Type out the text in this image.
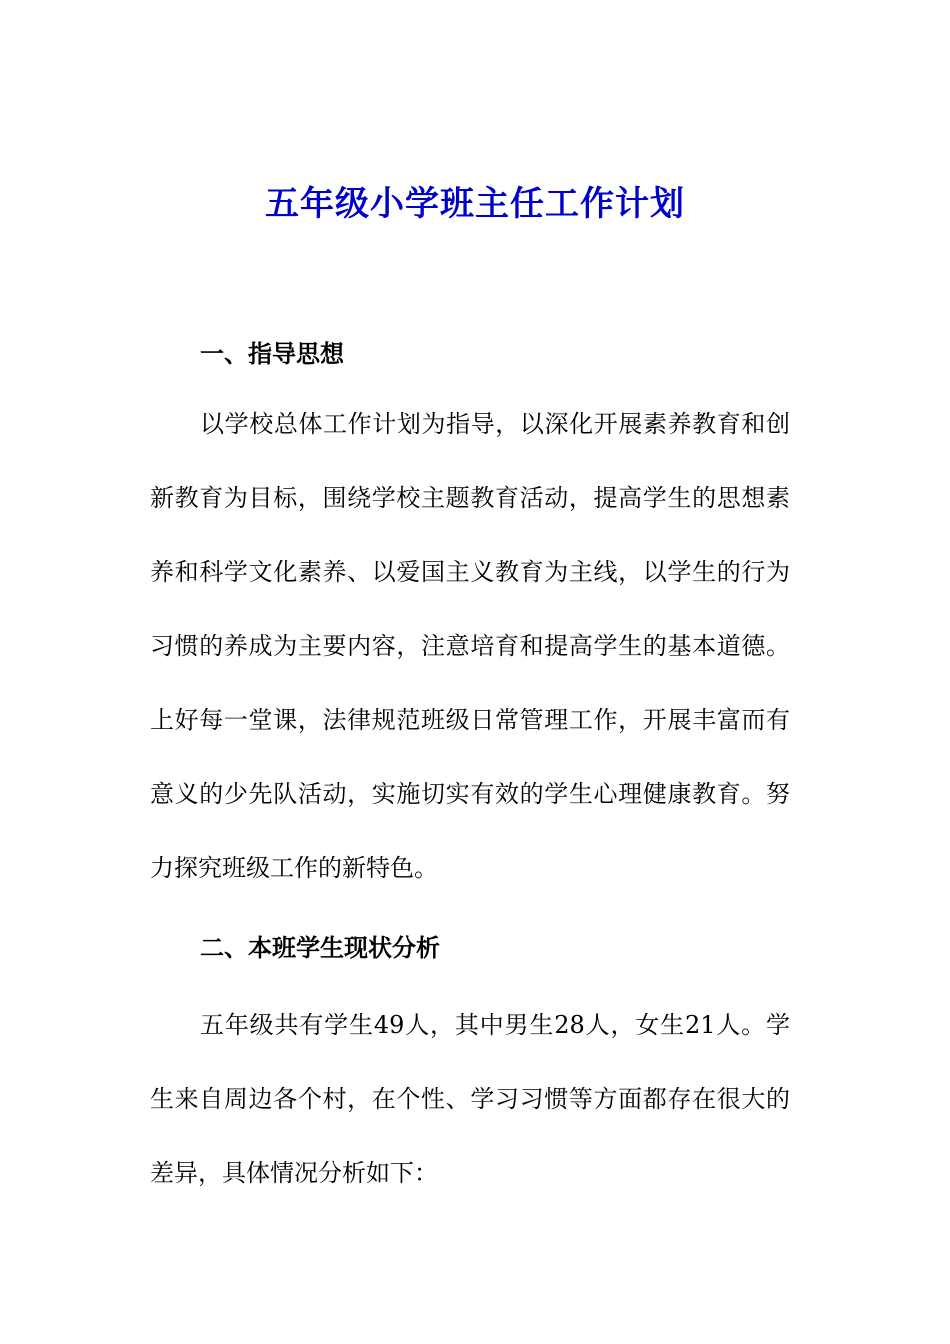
五年级小学班主任工作计划
一、指导思想

以学校总体工作计划为指导，以深化开展素养教育和创新教育为目标，围绕学校主题教育活动，提高学生的思想素养和科学文化素养、以爱国主义教育为主线，以学生的行为习惯的养成为主要内容，注意培育和提高学生的基本道德。上好每一堂课，法律规范班级日常管理工作，开展丰富而有意义的少先队活动，实施切实有效的学生心理健康教育。努力探究班级工作的新特色。

二、本班学生现状分析

五年级共有学生49人，其中男生28人，女生21人。学生来自周边各个村，在个性、学习习惯等方面都存在很大的差异，具体情况分析如下：
